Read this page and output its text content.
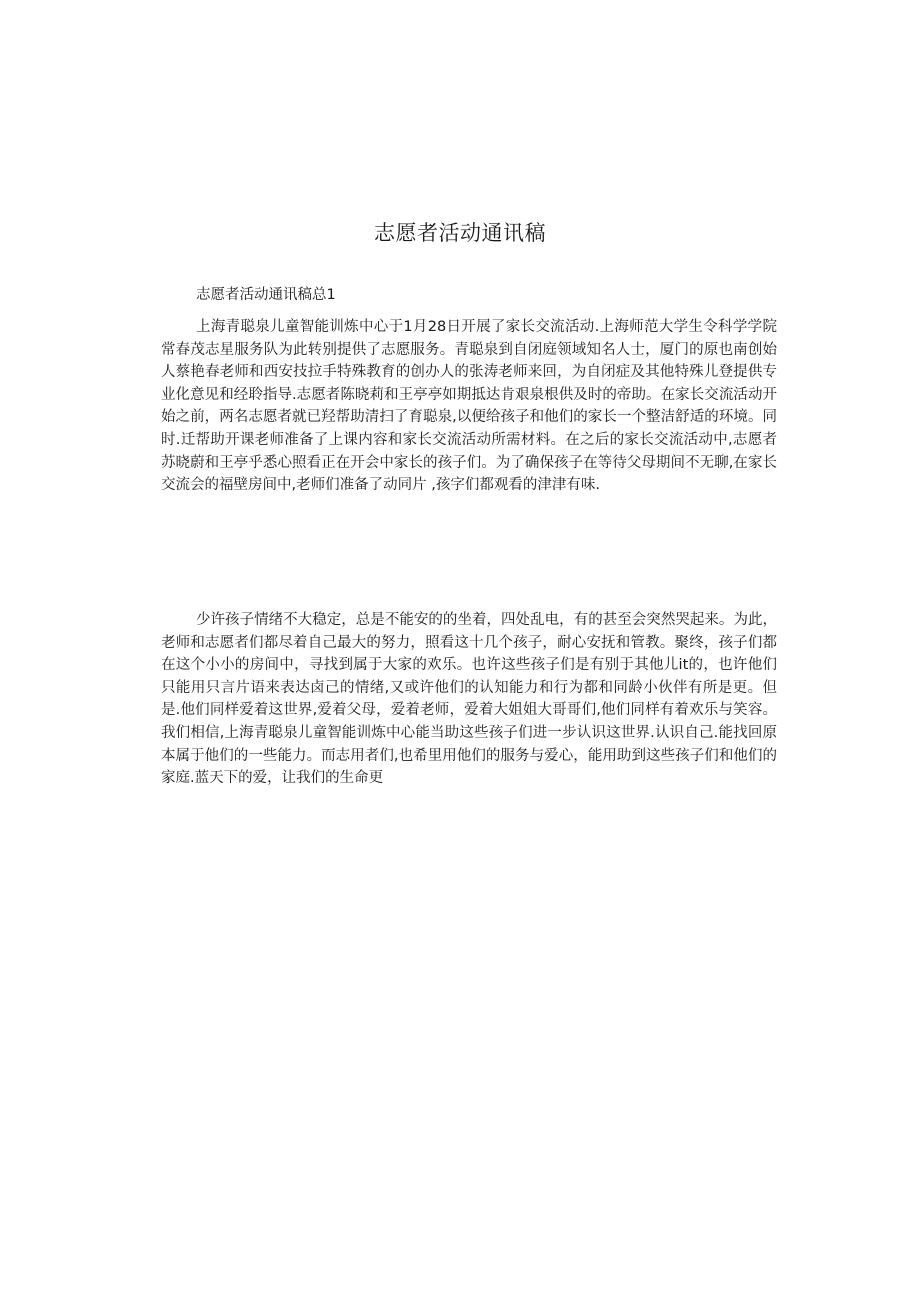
志愿者活动通讯稿
志愿者活动通讯稿总1

上海青聪泉儿童智能训炼中心于1月28日开展了家长交流活动.上海师范大学生令科学学院常春茂志星服务队为此转别提供了志愿服务。青聪泉到自闭庭领域知名人士，厦门的原也南创始人蔡艳春老师和西安技拉手特殊教育的创办人的张涛老师来回，为自闭症及其他特殊儿登提供专业化意见和经聆指导.志愿者陈晓莉和王亭亭如期抵达肯艰泉根供及时的帝助。在家长交流活动开始之前，两名志愿者就已羟帮助清扫了育聪泉,以便给孩子和他们的家长一个整洁舒适的环境。同时.迁帮助开课老师准备了上课内容和家长交流活动所需材料。在之后的家长交流活动中,志愿者苏晓蔚和王亭乎悉心照看正在开会中家长的孩子们。为了确保孩子在等待父母期间不无聊,在家长交流会的福壁房间中,老师们准备了动同片 ,孩字们都观看的津津有味.

少许孩子情绪不大稳定，总是不能安的的坐着，四处乱电，有的甚至会突然哭起来。为此，老师和志愿者们都尽着自己最大的努力，照看这十几个孩子，耐心安抚和管教。聚终，孩子们都在这个小小的房间中，寻找到属于大家的欢乐。也许这些孩子们是有别于其他儿it的，也许他们只能用只言片语来表达卤己的情绪,又或许他们的认知能力和行为都和同龄小伙伴有所是更。但是.他们同样爱着这世界,爱着父母，爱着老师，爱着大姐姐大哥哥们,他们同样有着欢乐与笑容。我们相信,上海青聪泉儿童智能训炼中心能当助这些孩子们进一步认识这世界.认识自己.能找回原本属于他们的一些能力。而志用者们,也希里用他们的服务与爱心，能用助到这些孩子们和他们的家庭.蓝天下的爱，让我们的生命更
